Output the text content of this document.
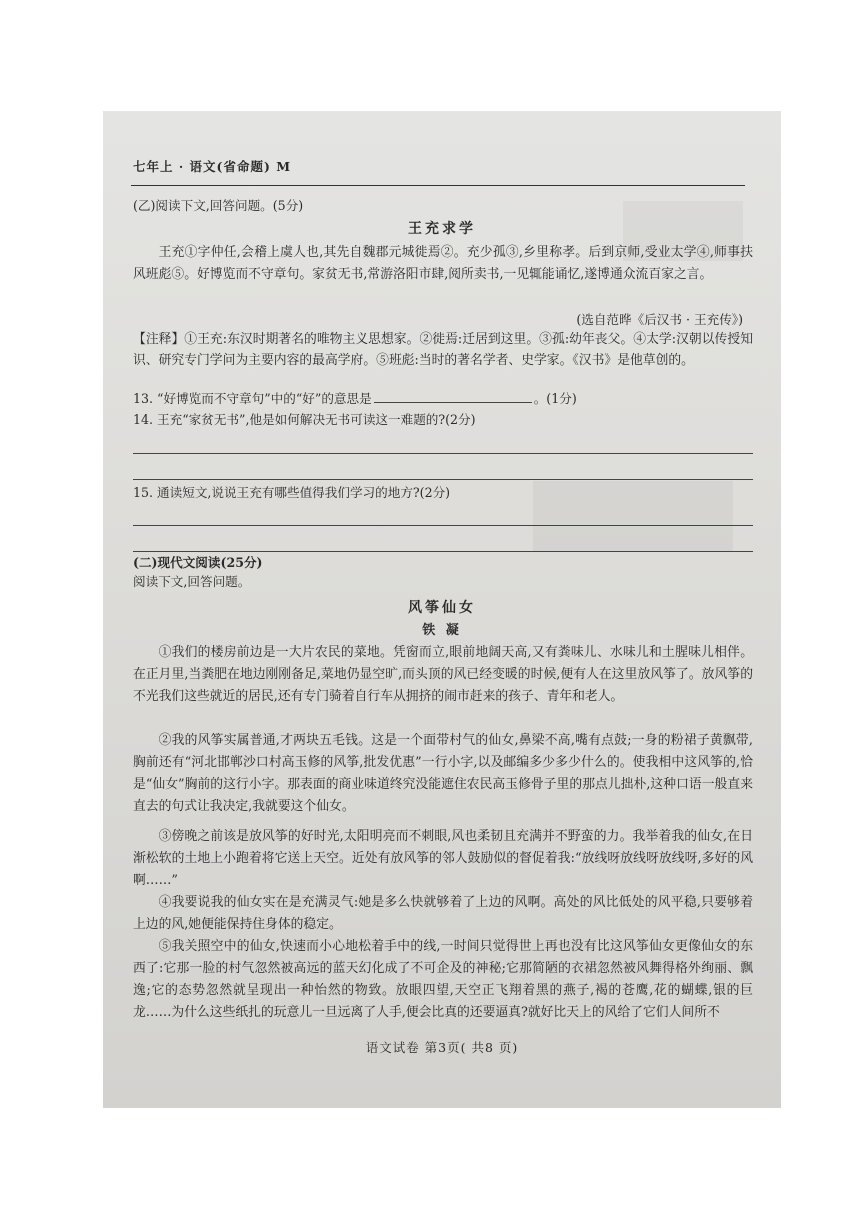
七年上 · 语文(省命题) M
(乙)阅读下文,回答问题。(5分)
王充求学
王充①字仲任,会稽上虞人也,其先自魏郡元城徙焉②。充少孤③,乡里称孝。后到京师,受业太学④,师事扶风班彪⑤。好博览而不守章句。家贫无书,常游洛阳市肆,阅所卖书,一见辄能诵忆,遂博通众流百家之言。
(选自范晔《后汉书 · 王充传》)
【注释】①王充:东汉时期著名的唯物主义思想家。②徙焉:迁居到这里。③孤:幼年丧父。④太学:汉朝以传授知识、研究专门学问为主要内容的最高学府。⑤班彪:当时的著名学者、史学家。《汉书》是他草创的。
13. “好博览而不守章句”中的“好”的意思是	。(1分)
14. 王充“家贫无书”,他是如何解决无书可读这一难题的?(2分)
15. 通读短文,说说王充有哪些值得我们学习的地方?(2分)
(二)现代文阅读(25分)
阅读下文,回答问题。
风筝仙女
铁 凝
①我们的楼房前边是一大片农民的菜地。凭窗而立,眼前地阔天高,又有粪味儿、水味儿和土腥味儿相伴。在正月里,当粪肥在地边刚刚备足,菜地仍显空旷,而头顶的风已经变暖的时候,便有人在这里放风筝了。放风筝的不光我们这些就近的居民,还有专门骑着自行车从拥挤的闹市赶来的孩子、青年和老人。
②我的风筝实属普通,才两块五毛钱。这是一个面带村气的仙女,鼻梁不高,嘴有点鼓;一身的粉裙子黄飘带,胸前还有“河北邯郸沙口村高玉修的风筝,批发优惠”一行小字,以及邮编多少多少什么的。使我相中这风筝的,恰是“仙女”胸前的这行小字。那表面的商业味道终究没能遮住农民高玉修骨子里的那点儿拙朴,这种口语一般直来直去的句式让我决定,我就要这个仙女。
③傍晚之前该是放风筝的好时光,太阳明亮而不刺眼,风也柔韧且充满并不野蛮的力。我举着我的仙女,在日渐松软的土地上小跑着将它送上天空。近处有放风筝的邻人鼓励似的督促着我:“放线呀放线呀放线呀,多好的风啊……”
④我要说我的仙女实在是充满灵气:她是多么快就够着了上边的风啊。高处的风比低处的风平稳,只要够着上边的风,她便能保持住身体的稳定。
⑤我关照空中的仙女,快速而小心地松着手中的线,一时间只觉得世上再也没有比这风筝仙女更像仙女的东西了:它那一脸的村气忽然被高远的蓝天幻化成了不可企及的神秘;它那简陋的衣裙忽然被风舞得格外绚丽、飘逸;它的态势忽然就呈现出一种怡然的物致。放眼四望,天空正飞翔着黑的燕子,褐的苍鹰,花的蝴蝶,银的巨龙……为什么这些纸扎的玩意儿一旦远离了人手,便会比真的还要逼真?就好比天上的风给了它们人间所不
语文试卷 第3页( 共8 页)
